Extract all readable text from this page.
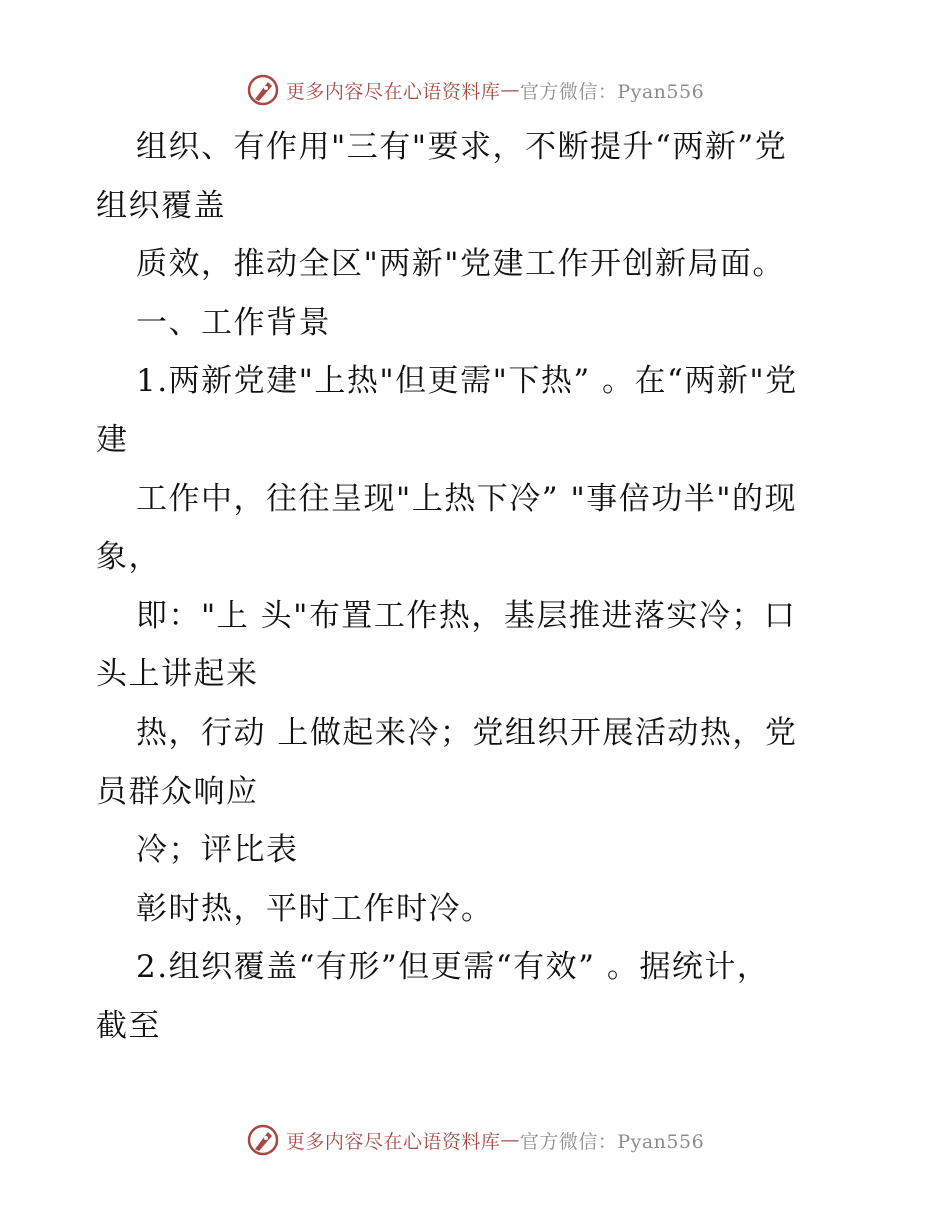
更多内容尽在心语资料库 — 官方微信：Pyan556
组织、有作用"三有"要求，不断提升“两新”党
组织覆盖
质效，推动全区"两新"党建工作开创新局面。
一、工作背景
1.两新党建"上热"但更需"下热” 。在“两新"党
建
工作中，往往呈现"上热下冷” "事倍功半"的现
象，
即："上 头"布置工作热，基层推进落实冷；口
头上讲起来
热，行动 上做起来冷；党组织开展活动热，党
员群众响应
冷；评比表
彰时热，平时工作时冷。
2.组织覆盖“有形”但更需“有效” 。据统计，
截至
更多内容尽在心语资料库 — 官方微信：Pyan556
